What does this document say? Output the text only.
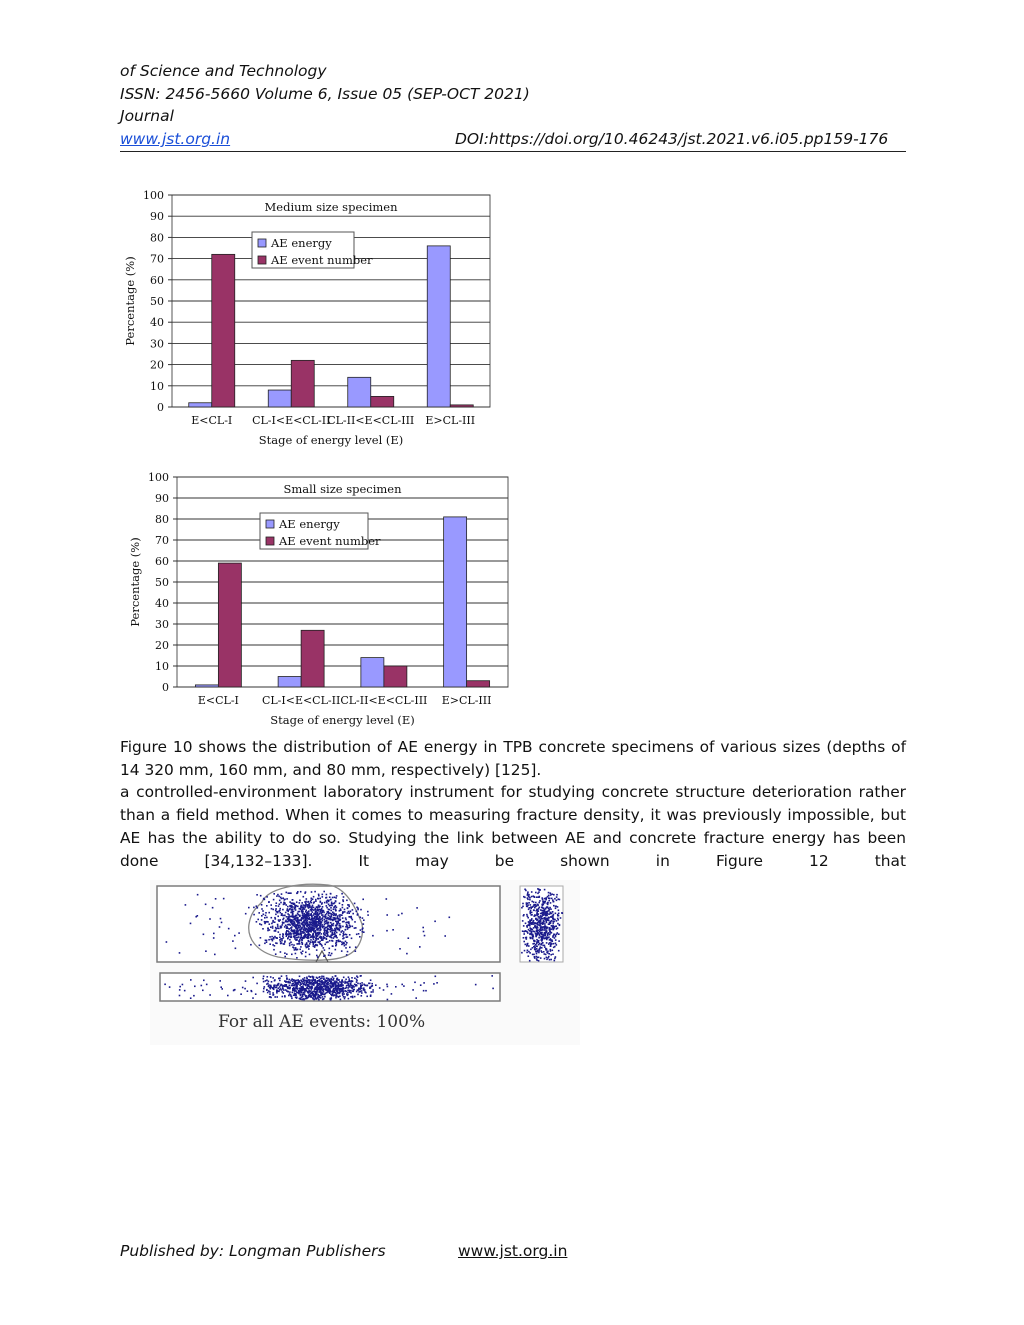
of Science and Technology
ISSN: 2456-5660 Volume 6, Issue 05 (SEP-OCT 2021)
Journal
www.jst.org.in	DOI:https://doi.org/10.46243/jst.2021.v6.i05.pp159-176
0
10
20
30
40
50
60
70
80
90
100
E<CL-I CL-I<E<CL-II
CL-II<E<CL-III E>CL-III
Medium size specimen
Stage of energy level (E)
Percentage (%)
AE energy
AE event number
0
10
20
30
40
50
60
70
80
90
100
E<CL-I CL-I<E<CL-II CL-II<E<CL-III E>CL-III
Small size specimen
Stage of energy level (E)
Percentage (%)
AE energy
AE event number

Figure 10 shows the distribution of AE energy in TPB concrete specimens of various sizes (depths of 14 320 mm, 160 mm, and 80 mm, respectively) [125].

a controlled-environment laboratory instrument for studying concrete structure deterioration rather than a field method. When it comes to measuring fracture density, it was previously impossible, but AE has the ability to do so. Studying the link between AE and concrete fracture energy has been done [34,132–133]. It may be shown in Figure 12 that

For all AE events: 100%
Published by: Longman Publishers	www.jst.org.in
